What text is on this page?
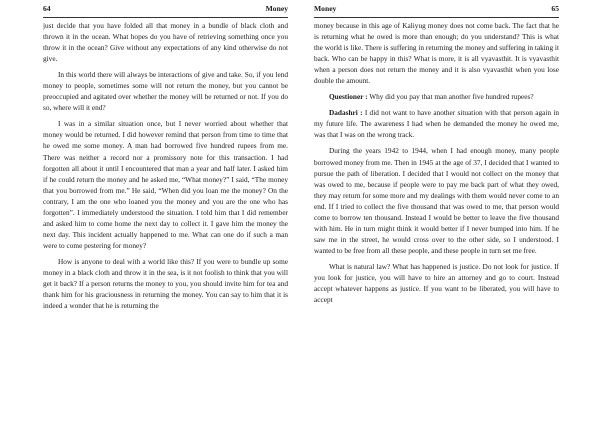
64	Money

just decide that you have folded all that money in a bundle of black cloth and thrown it in the ocean. What hopes do you have of retrieving something once you throw it in the ocean? Give without any expectations of any kind otherwise do not give.

In this world there will always be interactions of give and take. So, if you lend money to people, sometimes some will not return the money, but you cannot be preoccupied and agitated over whether the money will be returned or not. If you do so, where will it end?

I was in a similar situation once, but I never worried about whether that money would be returned. I did however remind that person from time to time that he owed me some money. A man had borrowed five hundred rupees from me. There was neither a record nor a promissory note for this transaction. I had forgotten all about it until I encountered that man a year and half later. I asked him if he could return the money and he asked me, “What money?” I said, “The money that you borrowed from me.” He said, “When did you loan me the money? On the contrary, I am the one who loaned you the money and you are the one who has forgotten”. I immediately understood the situation. I told him that I did remember and asked him to come home the next day to collect it. I gave him the money the next day. This incident actually happened to me. What can one do if such a man were to come pestering for money?

How is anyone to deal with a world like this? If you were to bundle up some money in a black cloth and throw it in the sea, is it not foolish to think that you will get it back? If a person returns the money to you, you should invite him for tea and thank him for his graciousness in returning the money. You can say to him that it is indeed a wonder that he is returning the

Money	65

money because in this age of Kaliyug money does not come back. The fact that he is returning what he owed is more than enough; do you understand? This is what the world is like. There is suffering in returning the money and suffering in taking it back. Who can be happy in this? What is more, it is all vyavasthit. It is vyavasthit when a person does not return the money and it is also vyavasthit when you lose double the amount.

Questioner : Why did you pay that man another five hundred rupees?

Dadashri : I did not want to have another situation with that person again in my future life. The awareness I had when he demanded the money he owed me, was that I was on the wrong track.

During the years 1942 to 1944, when I had enough money, many people borrowed money from me. Then in 1945 at the age of 37, I decided that I wanted to pursue the path of liberation. I decided that I would not collect on the money that was owed to me, because if people were to pay me back part of what they owed, they may return for some more and my dealings with them would never come to an end. If I tried to collect the five thousand that was owed to me, that person would come to borrow ten thousand. Instead I would be better to leave the five thousand with him. He in turn might think it would better if I never bumped into him. If he saw me in the street, he would cross over to the other side, so I understood. I wanted to be free from all these people, and these people in turn set me free.

What is natural law? What has happened is justice. Do not look for justice. If you look for justice, you will have to hire an attorney and go to court. Instead accept whatever happens as justice. If you want to be liberated, you will have to accept
